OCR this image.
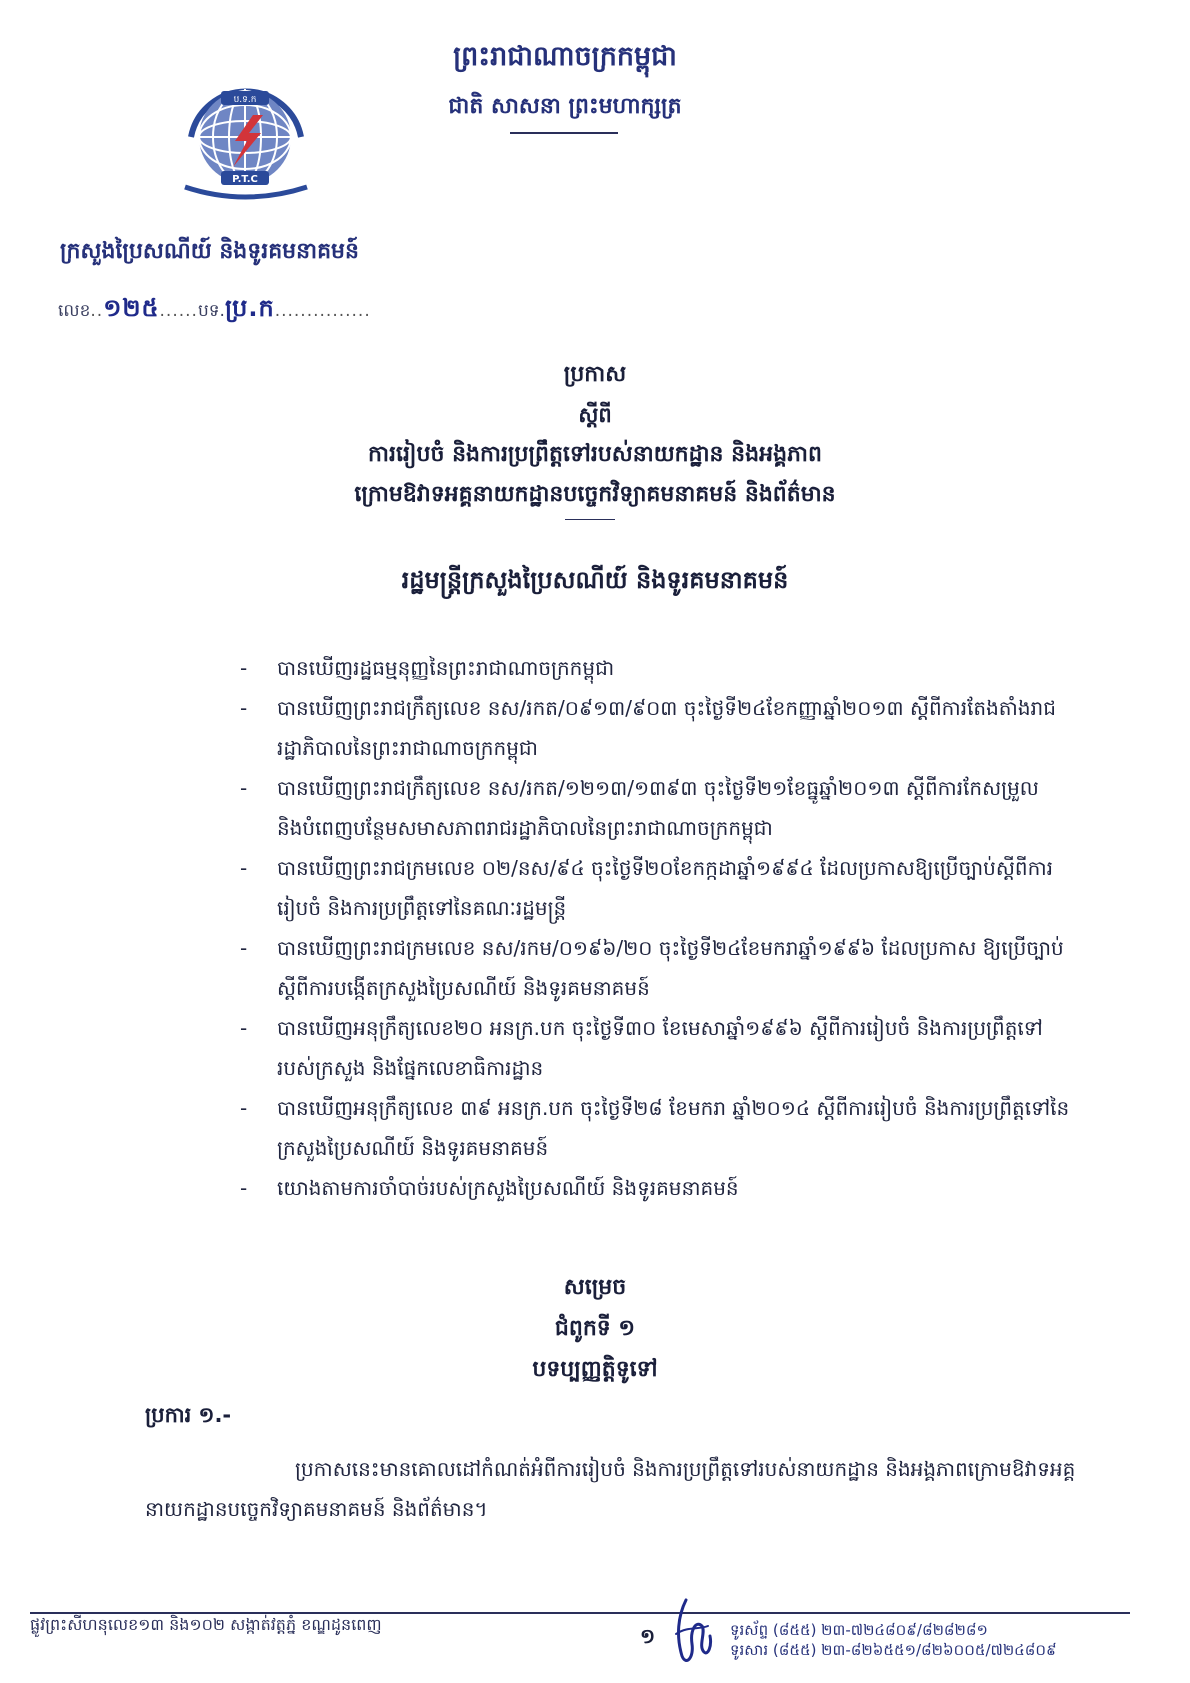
ព្រះរាជាណាចក្រកម្ពុជា
ជាតិ សាសនា ព្រះមហាក្សត្រ
ប.ទ.ក
P.T.C
ក្រសួងប្រៃសណីយ៍ និងទូរគមនាគមន៍
លេខ..១២៥......បទ.ប្រ.ក...............
ប្រកាស
ស្តីពី
ការរៀបចំ និងការប្រព្រឹត្តទៅរបស់នាយកដ្ឋាន និងអង្គភាព
ក្រោមឱវាទអគ្គនាយកដ្ឋានបច្ចេកវិទ្យាគមនាគមន៍ និងព័ត៌មាន
រដ្ឋមន្ត្រីក្រសួងប្រៃសណីយ៍ និងទូរគមនាគមន៍
- បានឃើញរដ្ឋធម្មនុញ្ញនៃព្រះរាជាណាចក្រកម្ពុជា
- បានឃើញព្រះរាជក្រឹត្យលេខ នស/រកត/០៩១៣/៩០៣ ចុះថ្ងៃទី២៤ខែកញ្ញាឆ្នាំ២០១៣ ស្តីពីការតែងតាំងរាជរដ្ឋាភិបាលនៃព្រះរាជាណាចក្រកម្ពុជា
- បានឃើញព្រះរាជក្រឹត្យលេខ នស/រកត/១២១៣/១៣៩៣ ចុះថ្ងៃទី២១ខែធ្នូឆ្នាំ២០១៣ ស្តីពីការកែសម្រួល និងបំពេញបន្ថែមសមាសភាពរាជរដ្ឋាភិបាលនៃព្រះរាជាណាចក្រកម្ពុជា
- បានឃើញព្រះរាជក្រមលេខ ០២/នស/៩៤ ចុះថ្ងៃទី២០ខែកក្កដាឆ្នាំ១៩៩៤ ដែលប្រកាសឱ្យប្រើច្បាប់ស្តីពីការរៀបចំ និងការប្រព្រឹត្តទៅនៃគណៈរដ្ឋមន្ត្រី
- បានឃើញព្រះរាជក្រមលេខ នស/រកម/០១៩៦/២០ ចុះថ្ងៃទី២៤ខែមករាឆ្នាំ១៩៩៦ ដែលប្រកាស ឱ្យប្រើច្បាប់ស្តីពីការបង្កើតក្រសួងប្រៃសណីយ៍ និងទូរគមនាគមន៍
- បានឃើញអនុក្រឹត្យលេខ២០ អនក្រ.បក ចុះថ្ងៃទី៣០ ខែមេសាឆ្នាំ១៩៩៦ ស្តីពីការរៀបចំ និងការប្រព្រឹត្តទៅរបស់ក្រសួង និងផ្នែកលេខាធិការដ្ឋាន
- បានឃើញអនុក្រឹត្យលេខ ៣៩ អនក្រ.បក ចុះថ្ងៃទី២៨ ខែមករា ឆ្នាំ២០១៤ ស្តីពីការរៀបចំ និងការប្រព្រឹត្តទៅនៃក្រសួងប្រៃសណីយ៍ និងទូរគមនាគមន៍
- យោងតាមការចាំបាច់របស់ក្រសួងប្រៃសណីយ៍ និងទូរគមនាគមន៍
សម្រេច
ជំពូកទី ១
បទប្បញ្ញត្តិទូទៅ
ប្រការ ១.-
ប្រកាសនេះមានគោលដៅកំណត់អំពីការរៀបចំ និងការប្រព្រឹត្តទៅរបស់នាយកដ្ឋាន និងអង្គភាពក្រោមឱវាទអគ្គនាយកដ្ឋានបច្ចេកវិទ្យាគមនាគមន៍ និងព័ត៌មាន។
ផ្លូវព្រះសីហនុលេខ១៣ និង១០២ សង្កាត់វត្តភ្នំ ខណ្ឌដូនពេញ	១	ទូរស័ព្ទ (៨៥៥) ២៣-៧២៤៨០៩/៨២៨២៨១
ទូរសារ (៨៥៥) ២៣-៨២៦៥៥១/៨២៦០០៥/៧២៤៨០៩
